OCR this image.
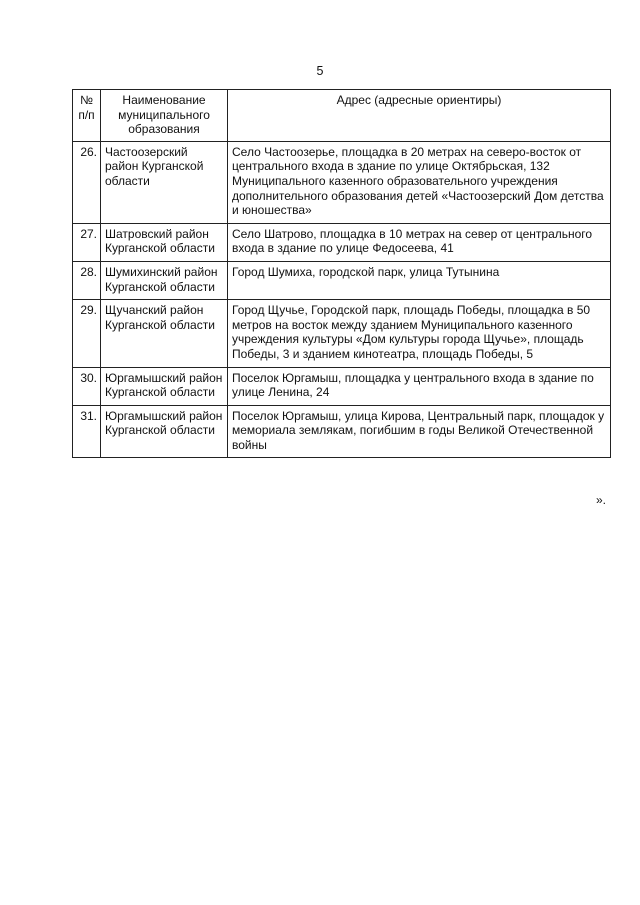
5
№ п/п	Наименование муниципального образования	Адрес (адресные ориентиры)
26.	Частоозерский район Курганской области	Село Частоозерье, площадка в 20 метрах на северо-восток от центрального входа в здание по улице Октябрьская, 132 Муниципального казенного образовательного учреждения дополнительного образования детей «Частоозерский Дом детства и юношества»
27.	Шатровский район Курганской области	Село Шатрово, площадка в 10 метрах на север от центрального входа в здание по улице Федосеева, 41
28.	Шумихинский район Курганской области	Город Шумиха, городской парк, улица Тутынина
29.	Щучанский район Курганской области	Город Щучье, Городской парк, площадь Победы, площадка в 50 метров на восток между зданием Муниципального казенного учреждения культуры «Дом культуры города Щучье», площадь Победы, 3 и зданием кинотеатра, площадь Победы, 5
30.	Юргамышский район Курганской области	Поселок Юргамыш, площадка у центрального входа в здание по улице Ленина, 24
31.	Юргамышский район Курганской области	Поселок Юргамыш, улица Кирова, Центральный парк, площадок у мемориала землякам, погибшим в годы Великой Отечественной войны
».
